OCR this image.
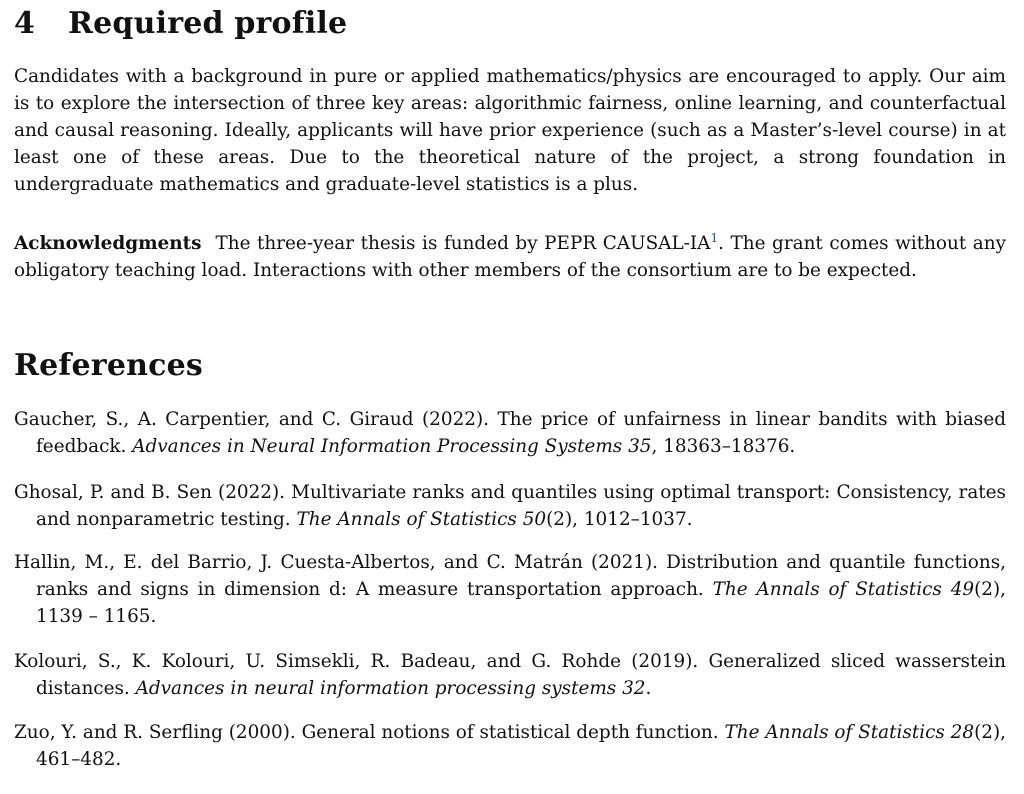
4 Required profile

Candidates with a background in pure or applied mathematics/physics are encouraged to apply. Our aim is to explore the intersection of three key areas: algorithmic fairness, online learning, and counterfactual and causal reasoning. Ideally, applicants will have prior experience (such as a Master’s-level course) in at least one of these areas. Due to the theoretical nature of the project, a strong foundation in undergraduate mathematics and graduate-level statistics is a plus.

Acknowledgments The three-year thesis is funded by PEPR CAUSAL-IA$^1$. The grant comes without any obligatory teaching load. Interactions with other members of the consortium are to be expected.

References

Gaucher, S., A. Carpentier, and C. Giraud (2022). The price of unfairness in linear bandits with biased feedback. Advances in Neural Information Processing Systems 35, 18363–18376.

Ghosal, P. and B. Sen (2022). Multivariate ranks and quantiles using optimal transport: Consistency, rates and nonparametric testing. The Annals of Statistics 50(2), 1012–1037.

Hallin, M., E. del Barrio, J. Cuesta-Albertos, and C. Matrán (2021). Distribution and quantile functions, ranks and signs in dimension d: A measure transportation approach. The Annals of Statistics 49(2), 1139 – 1165.

Kolouri, S., K. Kolouri, U. Simsekli, R. Badeau, and G. Rohde (2019). Generalized sliced wasserstein distances. Advances in neural information processing systems 32.

Zuo, Y. and R. Serfling (2000). General notions of statistical depth function. The Annals of Statistics 28(2), 461–482.
